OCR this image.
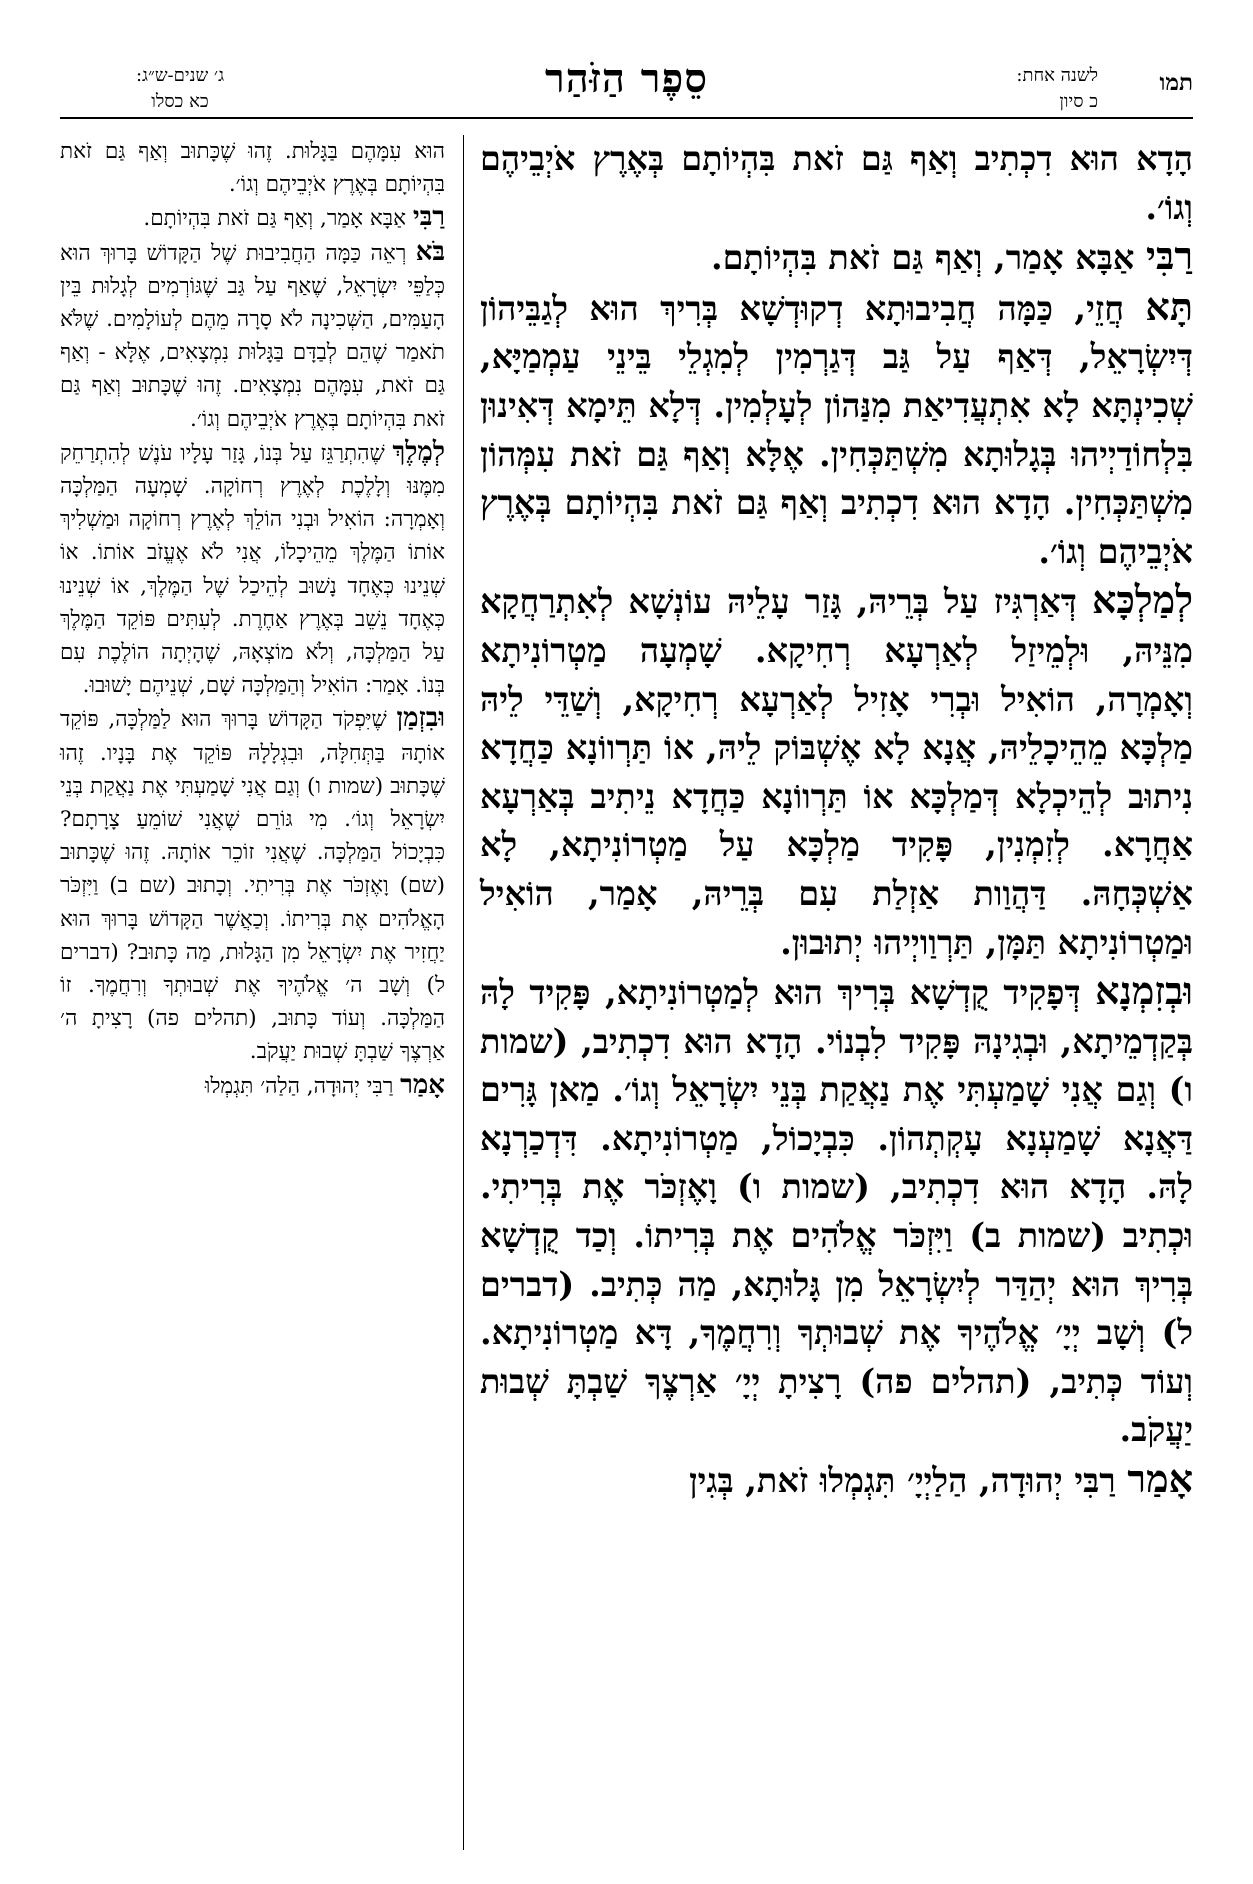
תמו
לשנה אחת:
כ סיון
סֵפֶר הַזֹּהַר
ג׳ שנים-ש״ג:
כא כסלו

הָדָא הוּא דִכְתִיב וְאַף גַּם זֹאת בִּהְיוֹתָם בְּאֶרֶץ אֹיְבֵיהֶם וְגוֹ׳.

רַבִּי אַבָּא אָמַר, וְאַף גַּם זֹאת בִּהְיוֹתָם.

תָּא חֲזֵי, כַּמָּה חֲבִיבוּתָא דְקוּדְשָׁא בְּרִיךְ הוּא לְגַבֵּיהוֹן דְּיִשְׂרָאֵל, דְּאַף עַל גַּב דְּגַרְמִין לְמִגְלֵי בֵּינֵי עַמְמַיָּא, שְׁכִינְתָּא לָא אִתְעֲדִיאַת מִנַּהוֹן לְעָלְמִין. דְּלָא תֵּימָא דְּאִינוּן בִּלְחוֹדַיְיהוּ בְּגָלוּתָא מִשְׁתַּכְּחִין. אֶלָּא וְאַף גַּם זֹאת עִמְּהוֹן מִשְׁתַּכְּחִין. הָדָא הוּא דִכְתִיב וְאַף גַּם זֹאת בִּהְיוֹתָם בְּאֶרֶץ אֹיְבֵיהֶם וְגוֹ׳.

לְמַלְכָּא דְּאַרְגִּיז עַל בְּרֵיהּ, גָּזַר עָלֵיהּ עוֹנְשָׁא לְאִתְרַחֲקָא מִנֵּיהּ, וּלְמֵיזַל לְאַרְעָא רְחִיקָא. שָׁמְעָה מַטְרוֹנִיתָא וְאָמְרָה, הוֹאִיל וּבְרִי אָזִיל לְאַרְעָא רְחִיקָא, וְשַׁדֵּי לֵיהּ מַלְכָּא מֵהֵיכָלֵיהּ, אֲנָא לָא אֶשְׁבּוֹק לֵיהּ, אוֹ תַּרְווֹנָא כַּחֲדָא נִיתוּב לְהֵיכְלָא דְּמַלְכָּא אוֹ תַּרְווֹנָא כַּחֲדָא נֵיתִיב בְּאַרְעָא אַחֲרָא. לְזִמְנִין, פָּקִיד מַלְכָּא עַל מַטְרוֹנִיתָא, לָא אַשְׁכְּחָהּ. דַּהֲוַות אַזְלַת עִם בְּרֵיהּ, אָמַר, הוֹאִיל וּמַטְרוֹנִיתָא תַּמָּן, תַּרְוַויְיהוּ יְתוּבוּן.

וּבְזִמְנָא דְּפָקִיד קֻדְשָׁא בְּרִיךְ הוּא לְמַטְרוֹנִיתָא, פָּקִיד לָהּ בְּקַדְמֵיתָא, וּבְגִינָהּ פָּקִיד לִבְנוֹי. הָדָא הוּא דִכְתִיב, (שמות ו) וְגַם אֲנִי שָׁמַעְתִּי אֶת נַאֲקַת בְּנֵי יִשְׂרָאֵל וְגוֹ׳. מַאן גָּרִים דַּאֲנָא שָׁמַעְנָא עָקְתְהוֹן. כִּבְיָכוֹל, מַטְרוֹנִיתָא. דִּדְכַרְנָא לָהּ. הָדָא הוּא דִכְתִיב, (שמות ו) וָאֶזְכֹּר אֶת בְּרִיתִי. וּכְתִיב (שמות ב) וַיִּזְכֹּר אֱלֹהִים אֶת בְּרִיתוֹ. וְכַד קֻדְשָׁא בְּרִיךְ הוּא יְהַדַּר לְיִשְׂרָאֵל מִן גָּלוּתָא, מַה כְּתִיב. (דברים ל) וְשָׁב יְיָ׳ אֱלֹהֶיךָ אֶת שְׁבוּתְךָ וְרִחֲמֶךָ, דָּא מַטְרוֹנִיתָא. וְעוֹד כְּתִיב, (תהלים פה) רָצִיתָ יְיָ׳ אַרְצֶךָ שַׁבְתָּ שְׁבוּת יַעֲקֹב.

אָמַר רַבִּי יְהוּדָה, הַלַיְיָ׳ תִּגְמְלוּ זֹאת, בְּגִין

הוּא עִמָּהֶם בַּגָּלוּת. זֶהוּ שֶׁכָּתוּב וְאַף גַּם זֹאת בִּהְיוֹתָם בְּאֶרֶץ אֹיְבֵיהֶם וְגוֹ׳.

רַבִּי אַבָּא אָמַר, וְאַף גַּם זֹאת בִּהְיוֹתָם.

בֹּא רְאֵה כַּמָּה הַחֲבִיבוּת שֶׁל הַקָּדוֹשׁ בָּרוּךְ הוּא כְּלַפֵּי יִשְׂרָאֵל, שֶׁאַף עַל גַּב שֶׁגּוֹרְמִים לְגָלוּת בֵּין הָעַמִּים, הַשְּׁכִינָה לֹא סָרָה מֵהֶם לְעוֹלָמִים. שֶׁלֹּא תֹאמַר שֶׁהֵם לְבַדָּם בַּגָּלוּת נִמְצָאִים, אֶלָּא - וְאַף גַּם זֹאת, עִמָּהֶם נִמְצָאִים. זֶהוּ שֶׁכָּתוּב וְאַף גַּם זֹאת בִּהְיוֹתָם בְּאֶרֶץ אֹיְבֵיהֶם וְגוֹ׳.

לְמֶלֶךְ שֶׁהִתְרַגֵּז עַל בְּנוֹ, גָּזַר עָלָיו עֹנֶשׁ לְהִתְרַחֵק מִמֶּנּוּ וְלָלֶכֶת לְאֶרֶץ רְחוֹקָה. שָׁמְעָה הַמַּלְכָּה וְאָמְרָה: הוֹאִיל וּבְנִי הוֹלֵךְ לְאֶרֶץ רְחוֹקָה וּמַשְׁלִיךְ אוֹתוֹ הַמֶּלֶךְ מֵהֵיכָלוֹ, אֲנִי לֹא אֶעֱזֹב אוֹתוֹ. אוֹ שְׁנֵינוּ כְּאֶחָד נָשׁוּב לְהֵיכַל שֶׁל הַמֶּלֶךְ, אוֹ שְׁנֵינוּ כְּאֶחָד נֵשֵׁב בְּאֶרֶץ אַחֶרֶת. לְעִתִּים פּוֹקֵד הַמֶּלֶךְ עַל הַמַּלְכָּה, וְלֹא מוֹצְאָהּ, שֶׁהָיְתָה הוֹלֶכֶת עִם בְּנוֹ. אָמַר: הוֹאִיל וְהַמַּלְכָּה שָׁם, שְׁנֵיהֶם יָשׁוּבוּ.

וּבִזְמַן שֶׁיִּפְקֹד הַקָּדוֹשׁ בָּרוּךְ הוּא לַמַּלְכָּה, פּוֹקֵד אוֹתָהּ בַּתְּחִלָּה, וּבִגְלָלָהּ פּוֹקֵד אֶת בָּנָיו. זֶהוּ שֶׁכָּתוּב (שמות ו) וְגַם אֲנִי שָׁמַעְתִּי אֶת נַאֲקַת בְּנֵי יִשְׂרָאֵל וְגוֹ׳. מִי גּוֹרֵם שֶׁאֲנִי שׁוֹמֵעַ צָרָתָם? כִּבְיָכוֹל הַמַּלְכָּה. שֶׁאֲנִי זוֹכֵר אוֹתָהּ. זֶהוּ שֶׁכָּתוּב (שם) וָאֶזְכֹּר אֶת בְּרִיתִי. וְכָתוּב (שם ב) וַיִּזְכֹּר הָאֱלֹהִים אֶת בְּרִיתוֹ. וְכַאֲשֶׁר הַקָּדוֹשׁ בָּרוּךְ הוּא יַחֲזִיר אֶת יִשְׂרָאֵל מִן הַגָּלוּת, מַה כָּתוּב? (דברים ל) וְשָׁב ה׳ אֱלֹהֶיךָ אֶת שְׁבוּתְךָ וְרִחֲמֶךָ. זוֹ הַמַּלְכָּה. וְעוֹד כָּתוּב, (תהלים פה) רָצִיתָ ה׳ אַרְצֶךָ שַׁבְתָּ שְׁבוּת יַעֲקֹב.

אָמַר רַבִּי יְהוּדָה, הַלַה׳ תִּגְמְלוּ
